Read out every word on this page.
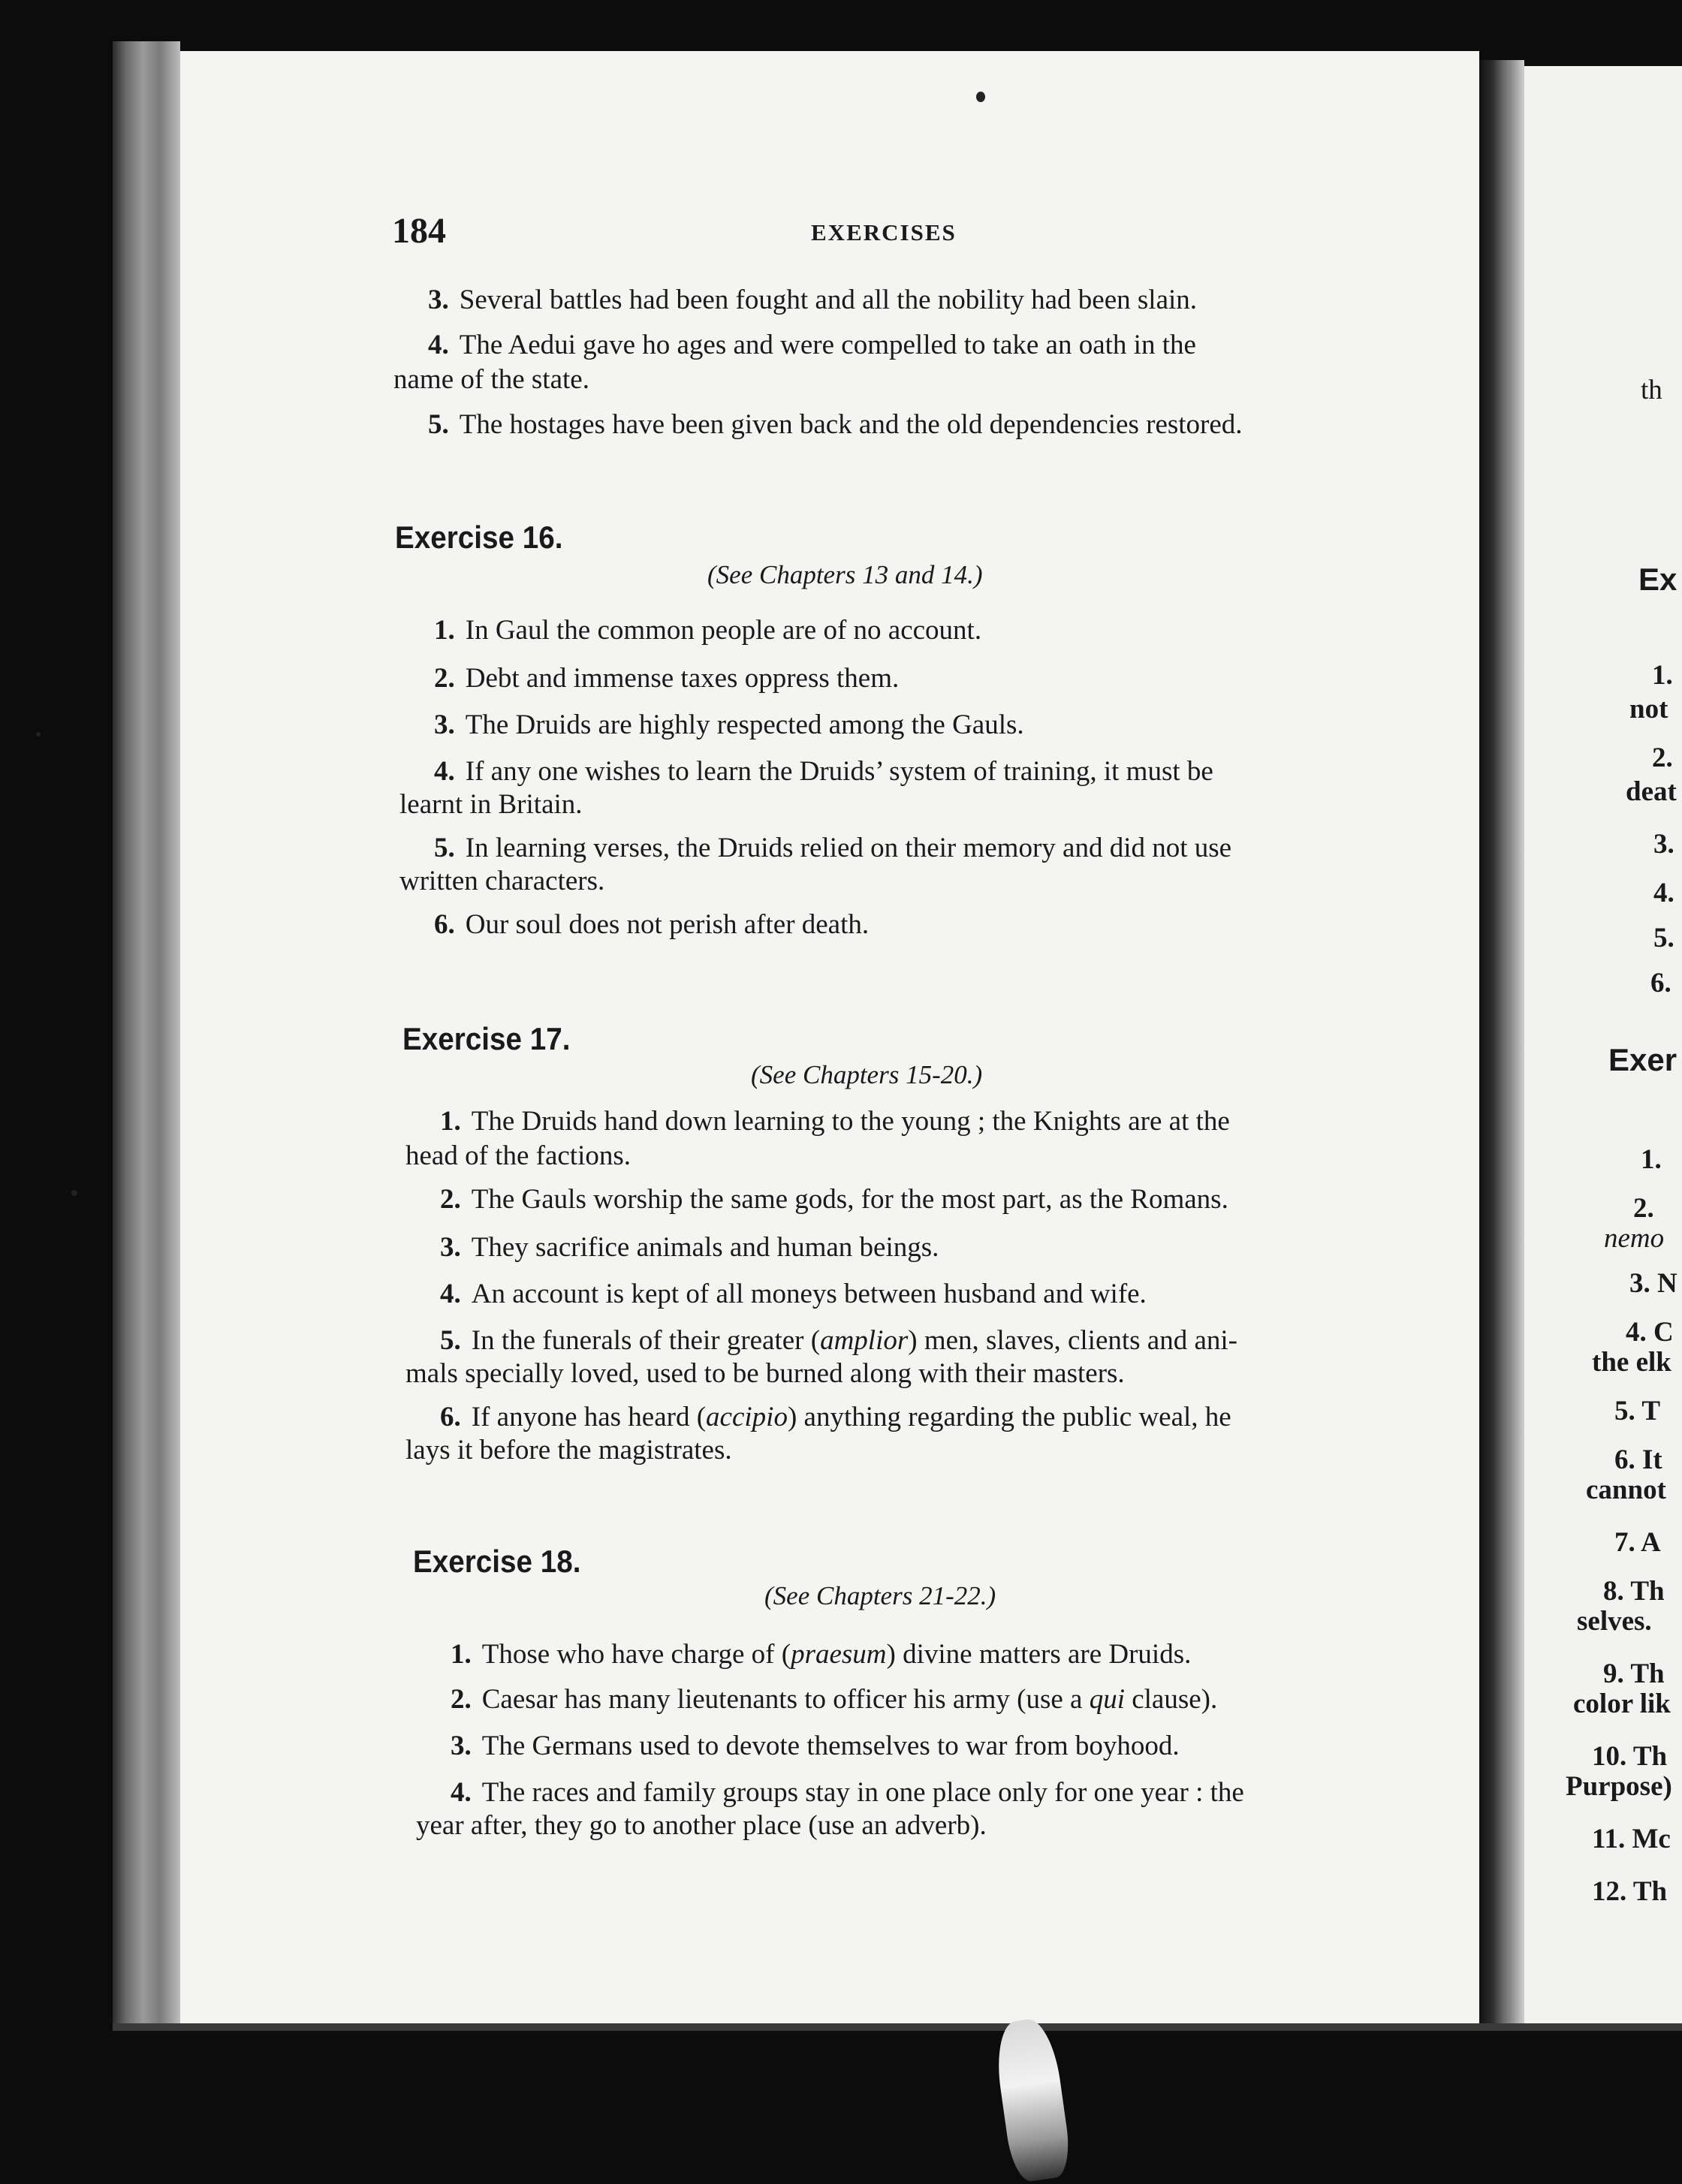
th
Ex
1.
not
2.
deat
3.
4.
5.
6.
Exer
1.
2.
nemo
3. N
4. C
the elk
5. T
6. It
cannot
7. A
8. Th
selves.
9. Th
color lik
10. Th
Purpose)
11. Mc
12. Th
184	EXERCISES
3. Several battles had been fought and all the nobility had been slain.
4. The Aedui gave ho ages and were compelled to take an oath in the
name of the state.
5. The hostages have been given back and the old dependencies restored.
Exercise 16.
(See Chapters 13 and 14.)
1. In Gaul the common people are of no account.
2. Debt and immense taxes oppress them.
3. The Druids are highly respected among the Gauls.
4. If any one wishes to learn the Druids’ system of training, it must be
learnt in Britain.
5. In learning verses, the Druids relied on their memory and did not use
written characters.
6. Our soul does not perish after death.
Exercise 17.
(See Chapters 15-20.)
1. The Druids hand down learning to the young ; the Knights are at the
head of the factions.
2. The Gauls worship the same gods, for the most part, as the Romans.
3. They sacrifice animals and human beings.
4. An account is kept of all moneys between husband and wife.
5. In the funerals of their greater (amplior) men, slaves, clients and ani-
mals specially loved, used to be burned along with their masters.
6. If anyone has heard (accipio) anything regarding the public weal, he
lays it before the magistrates.
Exercise 18.
(See Chapters 21-22.)
1. Those who have charge of (praesum) divine matters are Druids.
2. Caesar has many lieutenants to officer his army (use a qui clause).
3. The Germans used to devote themselves to war from boyhood.
4. The races and family groups stay in one place only for one year : the
year after, they go to another place (use an adverb).
